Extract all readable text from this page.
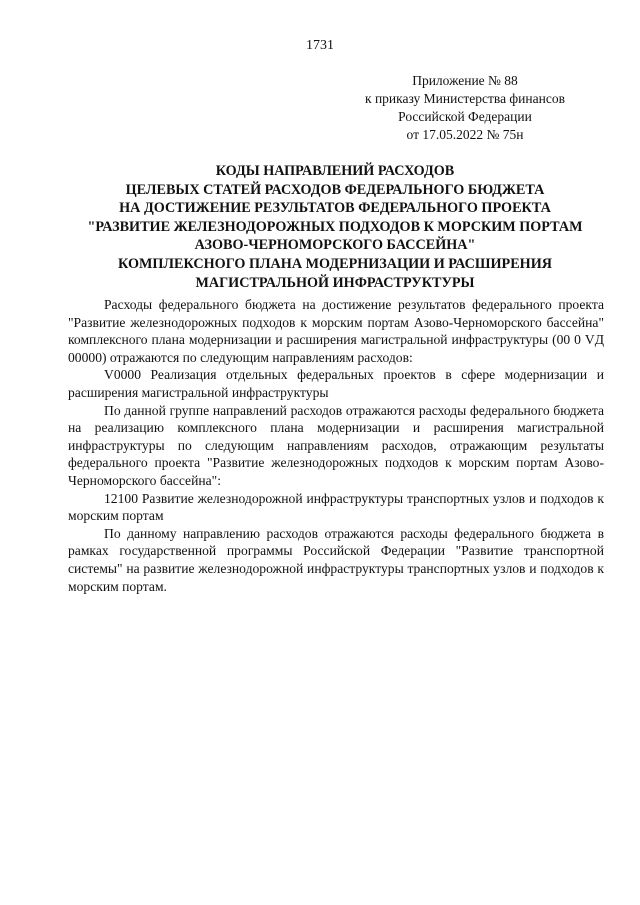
1731
Приложение № 88
к приказу Министерства финансов
Российской Федерации
от 17.05.2022 № 75н
КОДЫ НАПРАВЛЕНИЙ РАСХОДОВ
ЦЕЛЕВЫХ СТАТЕЙ РАСХОДОВ ФЕДЕРАЛЬНОГО БЮДЖЕТА
НА ДОСТИЖЕНИЕ РЕЗУЛЬТАТОВ ФЕДЕРАЛЬНОГО ПРОЕКТА
"РАЗВИТИЕ ЖЕЛЕЗНОДОРОЖНЫХ ПОДХОДОВ К МОРСКИМ ПОРТАМ
АЗОВО-ЧЕРНОМОРСКОГО БАССЕЙНА"
КОМПЛЕКСНОГО ПЛАНА МОДЕРНИЗАЦИИ И РАСШИРЕНИЯ
МАГИСТРАЛЬНОЙ ИНФРАСТРУКТУРЫ

Расходы федерального бюджета на достижение результатов федерального проекта "Развитие железнодорожных подходов к морским портам Азово-Черноморского бассейна" комплексного плана модернизации и расширения магистральной инфраструктуры (00 0 VД 00000) отражаются по следующим направлениям расходов:

V0000 Реализация отдельных федеральных проектов в сфере модернизации и расширения магистральной инфраструктуры

По данной группе направлений расходов отражаются расходы федерального бюджета на реализацию комплексного плана модернизации и расширения магистральной инфраструктуры по следующим направлениям расходов, отражающим результаты федерального проекта "Развитие железнодорожных подходов к морским портам Азово-Черноморского бассейна":

12100 Развитие железнодорожной инфраструктуры транспортных узлов и подходов к морским портам

По данному направлению расходов отражаются расходы федерального бюджета в рамках государственной программы Российской Федерации "Развитие транспортной системы" на развитие железнодорожной инфраструктуры транспортных узлов и подходов к морским портам.
